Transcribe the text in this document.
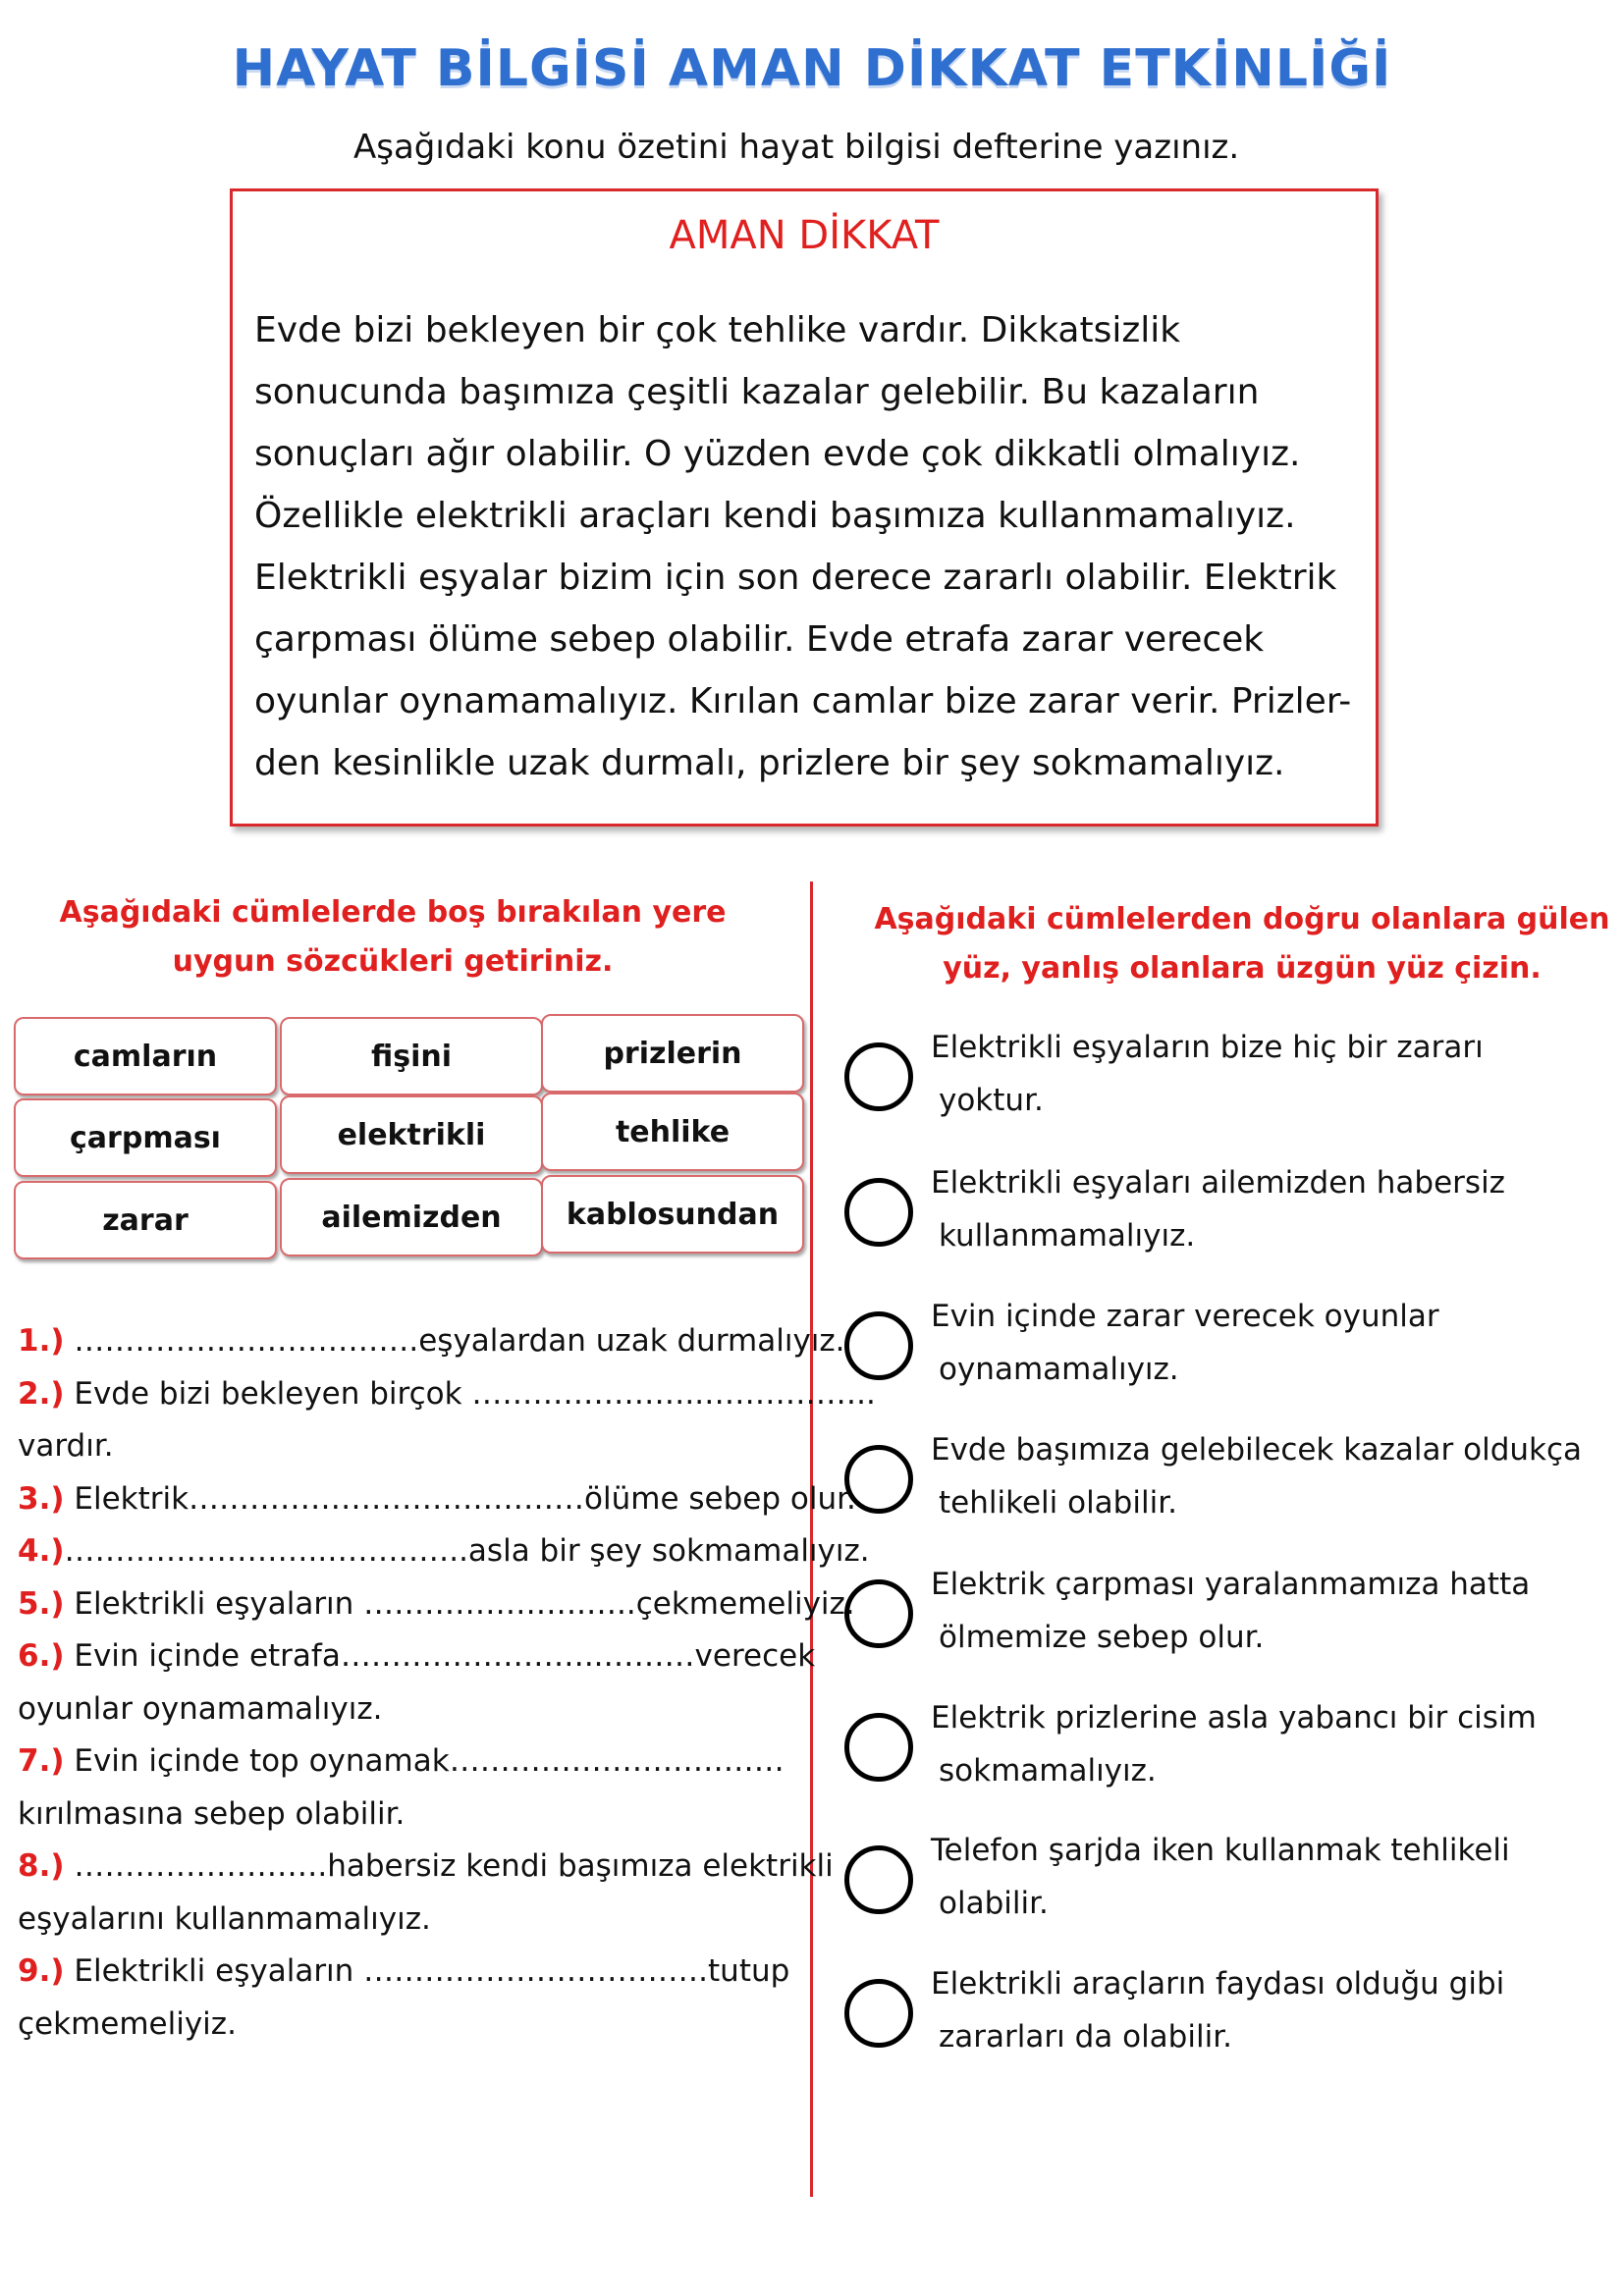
HAYAT BİLGİSİ AMAN DİKKAT ETKİNLİĞİ
Aşağıdaki konu özetini hayat bilgisi defterine yazınız.
AMAN DİKKAT
Evde bizi bekleyen bir çok tehlike vardır. Dikkatsizlik
sonucunda başımıza çeşitli kazalar gelebilir. Bu kazaların
sonuçları ağır olabilir. O yüzden evde çok dikkatli olmalıyız.
Özellikle elektrikli araçları kendi başımıza kullanmamalıyız.
Elektrikli eşyalar bizim için son derece zararlı olabilir. Elektrik
çarpması ölüme sebep olabilir. Evde etrafa zarar verecek
oyunlar oynamamalıyız. Kırılan camlar bize zarar verir. Prizler-
den kesinlikle uzak durmalı, prizlere bir şey sokmamalıyız.
Aşağıdaki cümlelerde boş bırakılan yere
uygun sözcükleri getiriniz.
camların	fişini	prizlerin
çarpması	elektrikli	tehlike
zarar	ailemizden	kablosundan
1.) …………………………….eşyalardan uzak durmalıyız.
2.) Evde bizi bekleyen birçok …………………..……………..
vardır.
3.) Elektrik…………………………………ölüme sebep olur.
4.)……………………..…………..asla bir şey sokmamalıyız.
5.) Elektrikli eşyaların ………………….…..çekmemeliyiz.
6.) Evin içinde etrafa……………………..………verecek
oyunlar oynamamalıyız.
7.) Evin içinde top oynamak……………………………
kırılmasına sebep olabilir.
8.) …………………….habersiz kendi başımıza elektrikli
eşyalarını kullanmamalıyız.
9.) Elektrikli eşyaların …………………………….tutup
çekmemeliyiz.
Aşağıdaki cümlelerden doğru olanlara gülen
yüz, yanlış olanlara üzgün yüz çizin.
Elektrikli eşyaların bize hiç bir zararı
yoktur.
Elektrikli eşyaları ailemizden habersiz
kullanmamalıyız.
Evin içinde zarar verecek oyunlar
oynamamalıyız.
Evde başımıza gelebilecek kazalar oldukça
tehlikeli olabilir.
Elektrik çarpması yaralanmamıza hatta
ölmemize sebep olur.
Elektrik prizlerine asla yabancı bir cisim
sokmamalıyız.
Telefon şarjda iken kullanmak tehlikeli
olabilir.
Elektrikli araçların faydası olduğu gibi
zararları da olabilir.
